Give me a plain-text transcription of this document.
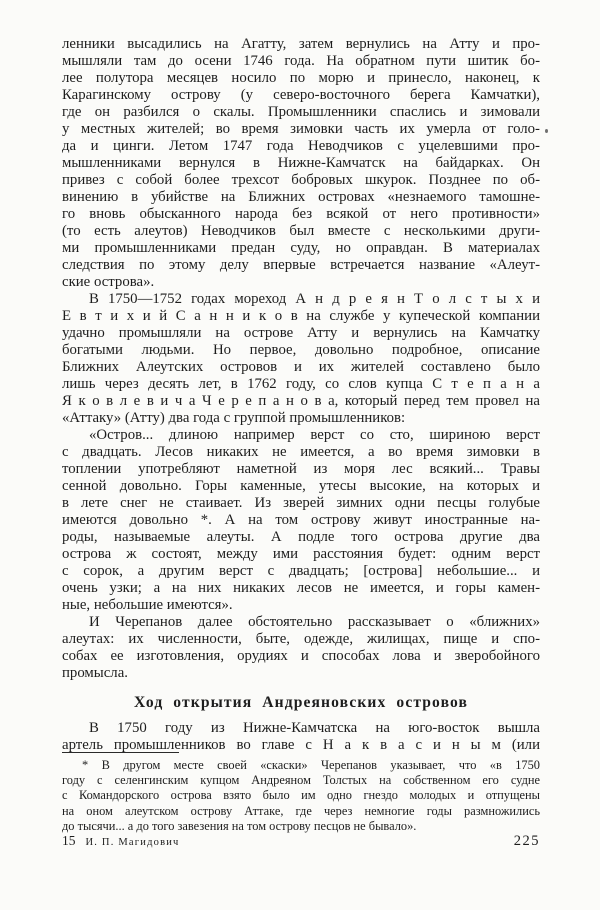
ленники высадились на Агатту, затем вернулись на Атту и про-
мышляли там до осени 1746 года. На обратном пути шитик бо-
лее полутора месяцев носило по морю и принесло, наконец, к
Карагинскому острову (у северо-восточного берега Камчатки),
где он разбился о скалы. Промышленники спаслись и зимовали
у местных жителей; во время зимовки часть их умерла от голо-
да и цинги. Летом 1747 года Неводчиков с уцелевшими про-
мышленниками вернулся в Нижне-Камчатск на байдарках. Он
привез с собой более трехсот бобровых шкурок. Позднее по об-
винению в убийстве на Ближних островах «незнаемого тамошне-
го вновь обысканного народа без всякой от него противности»
(то есть алеутов) Неводчиков был вместе с несколькими други-
ми промышленниками предан суду, но оправдан. В материалах
следствия по этому делу впервые встречается название «Алеут-
ские острова».
В 1750—1752 годах мореход А н д р е я н Т о л с т ы х и
Е в т и х и й С а н н и к о в на службе у купеческой компании
удачно промышляли на острове Атту и вернулись на Камчатку
богатыми людьми. Но первое, довольно подробное, описание
Ближних Алеутских островов и их жителей составлено было
лишь через десять лет, в 1762 году, со слов купца С т е п а н а
Я к о в л е в и ч а Ч е р е п а н о в а, который перед тем провел на
«Аттаку» (Атту) два года с группой промышленников:
«Остров... длиною например верст со сто, шириною верст
с двадцать. Лесов никаких не имеется, а во время зимовки в
топлении употребляют наметной из моря лес всякий... Травы
сенной довольно. Горы каменные, утесы высокие, на которых и
в лете снег не стаивает. Из зверей зимних одни песцы голубые
имеются довольно *. А на том острову живут иностранные на-
роды, называемые алеуты. А подле того острова другие два
острова ж состоят, между ими расстояния будет: одним верст
с сорок, а другим верст с двадцать; [острова] небольшие... и
очень узки; а на них никаких лесов не имеется, и горы камен-
ные, небольшие имеются».
И Черепанов далее обстоятельно рассказывает о «ближних»
алеутах: их численности, быте, одежде, жилищах, пище и спо-
собах ее изготовления, орудиях и способах лова и зверобойного
промысла.
Ход открытия Андреяновских островов
В 1750 году из Нижне-Камчатска на юго-восток вышла
артель промышленников во главе с Н а к в а с и н ы м (или
* В другом месте своей «скаски» Черепанов указывает, что «в 1750
году с селенгинским купцом Андреяном Толстых на собственном его судне
с Командорского острова взято было им одно гнездо молодых и отпущены
на оном алеутском острову Аттаке, где через немногие годы размножились
до тысячи... а до того завезения на том острову песцов не бывало».
15 И. П. Магидович	225
